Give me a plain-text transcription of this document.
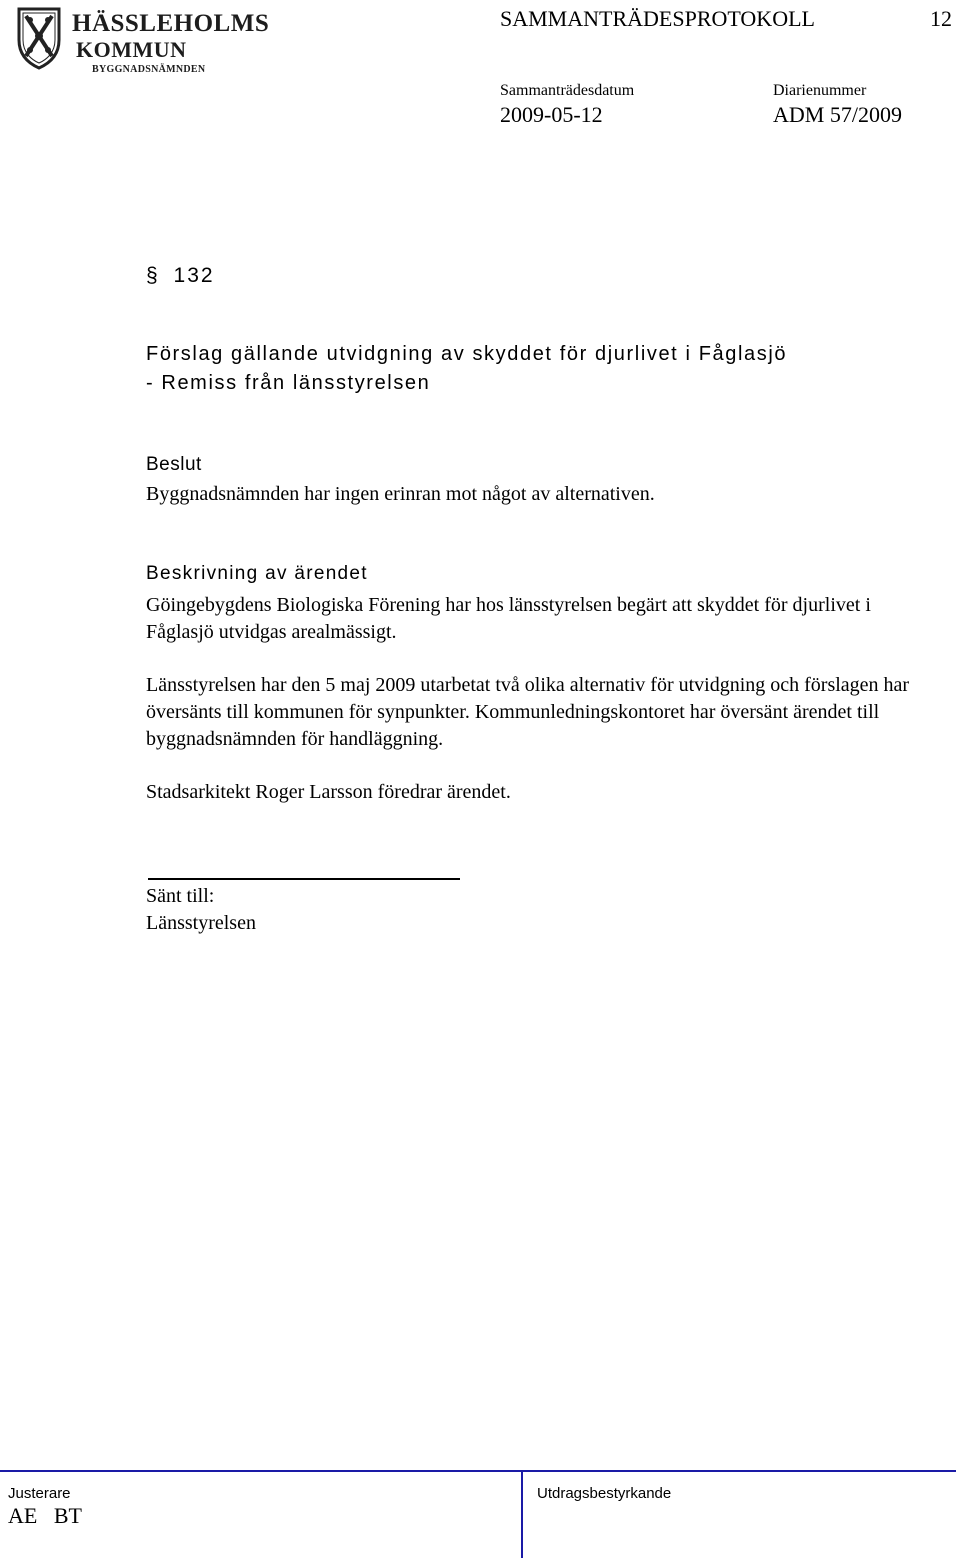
HÄSSLEHOLMS
KOMMUN
BYGGNADSNÄMNDEN
SAMMANTRÄDESPROTOKOLL	12
Sammanträdesdatum
2009-05-12
Diarienummer
ADM 57/2009
§ 132
Förslag gällande utvidgning av skyddet för djurlivet i Fåglasjö
- Remiss från länsstyrelsen
Beslut
Byggnadsnämnden har ingen erinran mot något av alternativen.
Beskrivning av ärendet
Göingebygdens Biologiska Förening har hos länsstyrelsen begärt att skyddet för djurlivet i Fåglasjö utvidgas arealmässigt.
Länsstyrelsen har den 5 maj 2009 utarbetat två olika alternativ för utvidgning och förslagen har översänts till kommunen för synpunkter. Kommunledningskontoret har översänt ärendet till byggnadsnämnden för handläggning.
Stadsarkitekt Roger Larsson föredrar ärendet.
Sänt till:
Länsstyrelsen
Justerare
AE   BT
Utdragsbestyrkande
